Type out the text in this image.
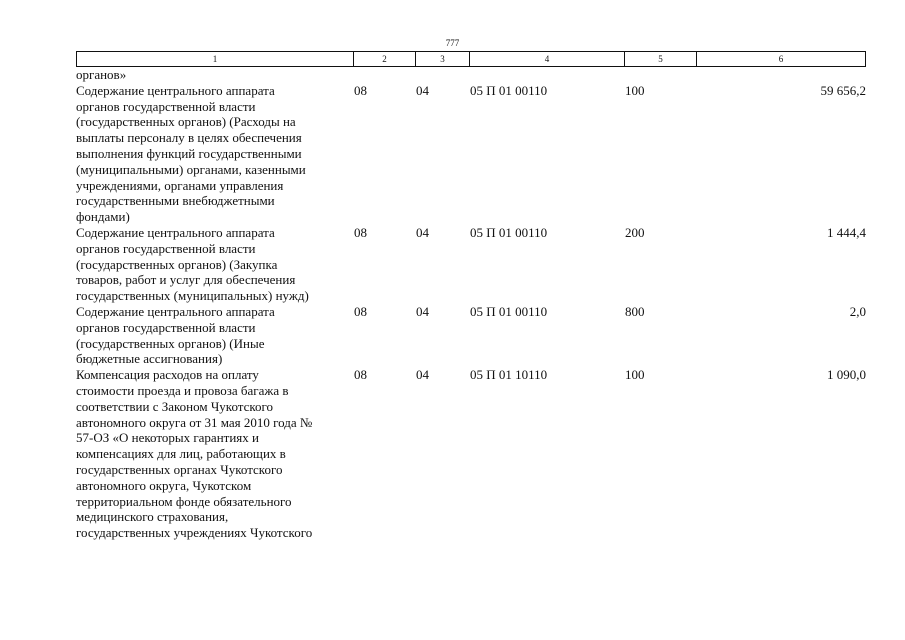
777
1	2	3	4	5	6
органов»
Содержание центрального аппарата
органов государственной власти
(государственных органов) (Расходы на
выплаты персоналу в целях обеспечения
выполнения функций государственными
(муниципальными) органами, казенными
учреждениями, органами управления
государственными внебюджетными
фондами)
08	04	05 П 01 00110	100	59 656,2
Содержание центрального аппарата
органов государственной власти
(государственных органов) (Закупка
товаров, работ и услуг для обеспечения
государственных (муниципальных) нужд)
08	04	05 П 01 00110	200	1 444,4
Содержание центрального аппарата
органов государственной власти
(государственных органов) (Иные
бюджетные ассигнования)
08	04	05 П 01 00110	800	2,0
Компенсация расходов на оплату
стоимости проезда и провоза багажа в
соответствии с Законом Чукотского
автономного округа от 31 мая 2010 года №
57-ОЗ «О некоторых гарантиях и
компенсациях для лиц, работающих в
государственных органах Чукотского
автономного округа, Чукотском
территориальном фонде обязательного
медицинского страхования,
государственных учреждениях Чукотского
08	04	05 П 01 10110	100	1 090,0
